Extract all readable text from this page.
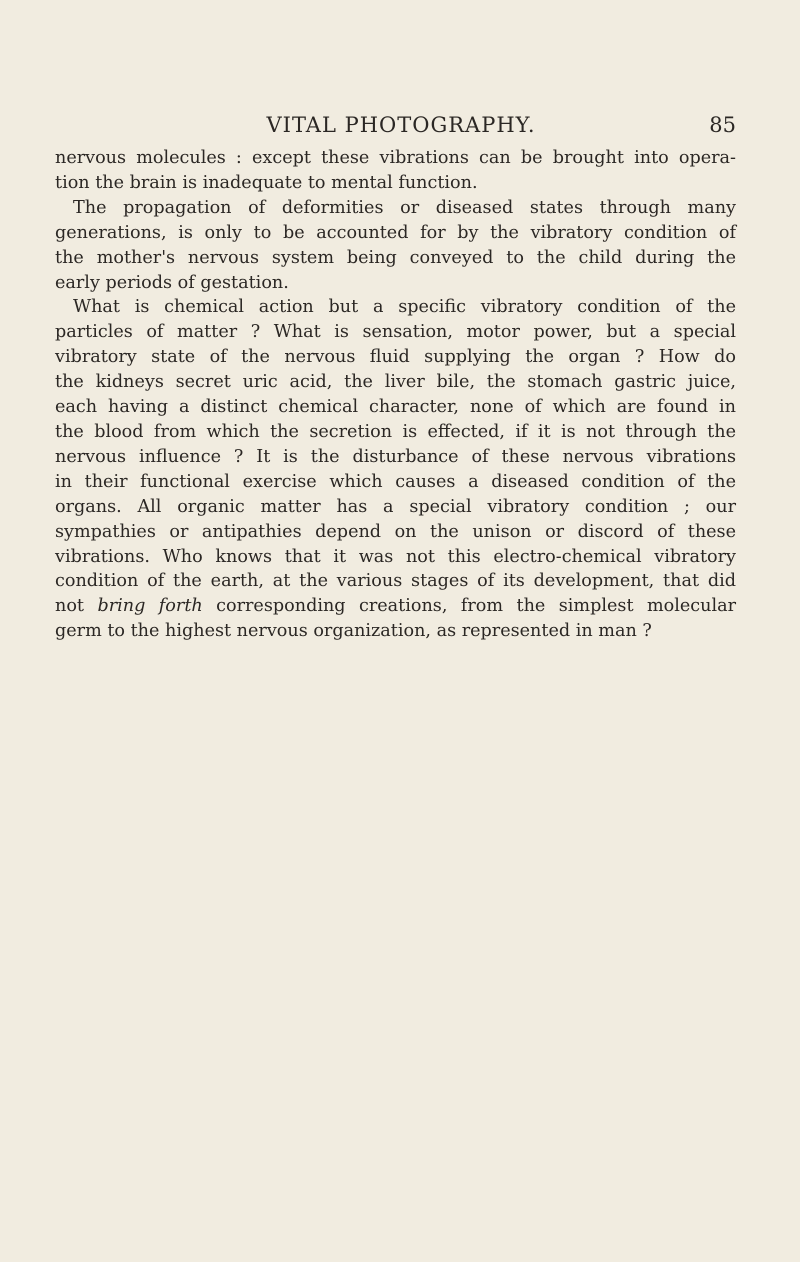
VITAL PHOTOGRAPHY.	85
nervous molecules : except these vibrations can be brought into opera-
tion the brain is inadequate to mental function.
The propagation of deformities or diseased states through many
generations, is only to be accounted for by the vibratory condition of
the mother's nervous system being conveyed to the child during the
early periods of gestation.
What is chemical action but a specific vibratory condition of the
particles of matter ? What is sensation, motor power, but a special
vibratory state of the nervous fluid supplying the organ ? How do
the kidneys secret uric acid, the liver bile, the stomach gastric juice,
each having a distinct chemical character, none of which are found in
the blood from which the secretion is effected, if it is not through the
nervous influence ? It is the disturbance of these nervous vibrations
in their functional exercise which causes a diseased condition of the
organs. All organic matter has a special vibratory condition ; our
sympathies or antipathies depend on the unison or discord of these
vibrations. Who knows that it was not this electro-chemical vibratory
condition of the earth, at the various stages of its development, that did
not bring forth corresponding creations, from the simplest molecular
germ to the highest nervous organization, as represented in man ?
